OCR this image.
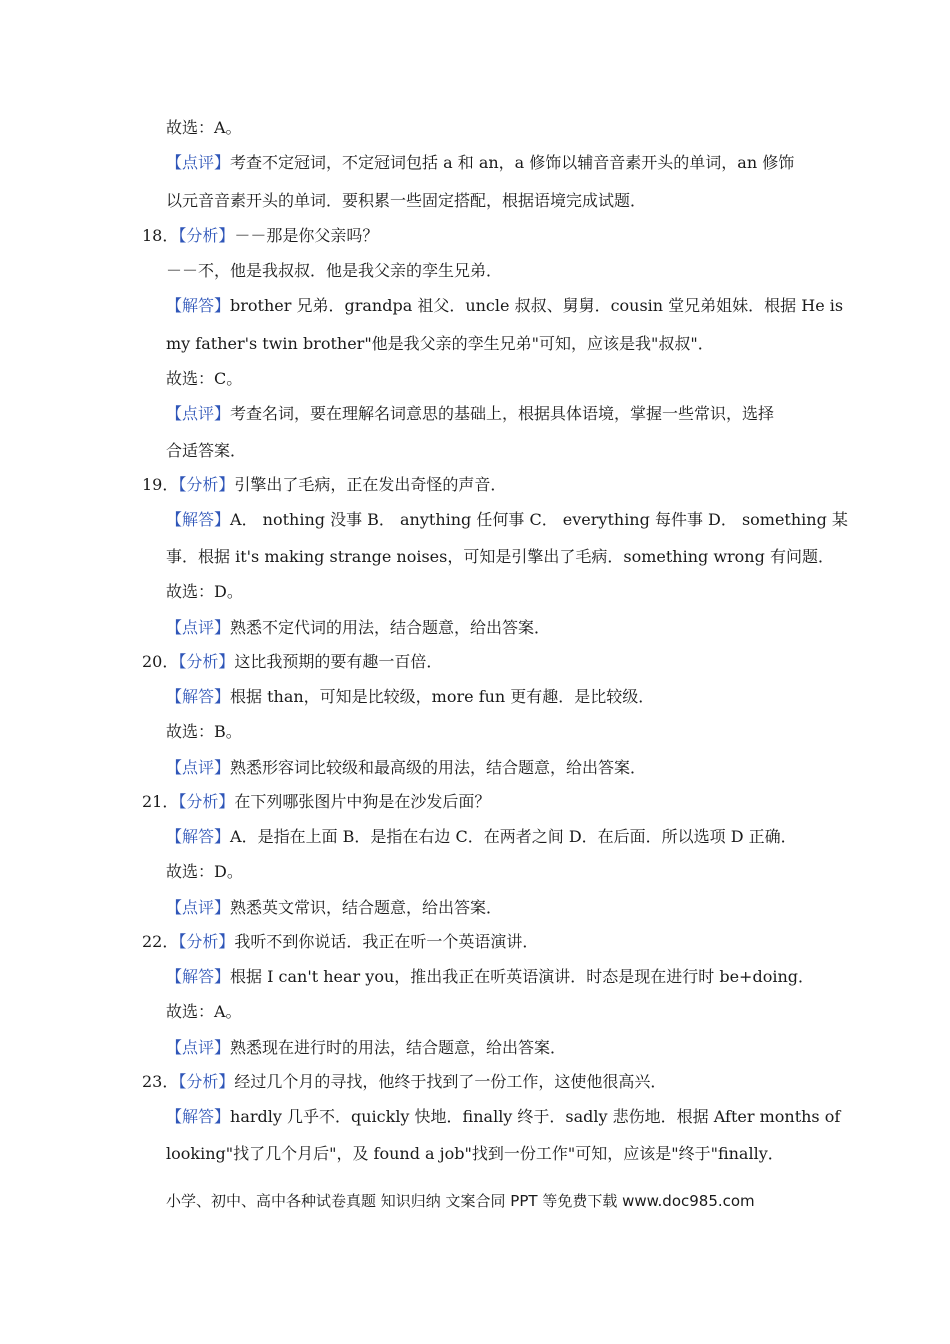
故选：A。
【点评】考查不定冠词，不定冠词包括 a 和 an，a 修饰以辅音音素开头的单词，an 修饰
以元音音素开头的单词．要积累一些固定搭配，根据语境完成试题．
18．【分析】－－那是你父亲吗？
－－不，他是我叔叔．他是我父亲的孪生兄弟．
【解答】brother 兄弟．grandpa 祖父．uncle 叔叔、舅舅．cousin 堂兄弟姐妹．根据 He is
my father's twin brother"他是我父亲的孪生兄弟"可知，应该是我"叔叔"．
故选：C。
【点评】考查名词，要在理解名词意思的基础上，根据具体语境，掌握一些常识，选择
合适答案．
19．【分析】引擎出了毛病，正在发出奇怪的声音．
【解答】A． nothing 没事 B． anything 任何事 C． everything 每件事 D． something 某
事．根据 it's making strange noises，可知是引擎出了毛病．something wrong 有问题．
故选：D。
【点评】熟悉不定代词的用法，结合题意，给出答案．
20．【分析】这比我预期的要有趣一百倍．
【解答】根据 than，可知是比较级，more fun 更有趣．是比较级．
故选：B。
【点评】熟悉形容词比较级和最高级的用法，结合题意，给出答案．
21．【分析】在下列哪张图片中狗是在沙发后面？
【解答】A．是指在上面 B．是指在右边 C．在两者之间 D．在后面．所以选项 D 正确．
故选：D。
【点评】熟悉英文常识，结合题意，给出答案．
22．【分析】我听不到你说话．我正在听一个英语演讲．
【解答】根据 I can't hear you，推出我正在听英语演讲．时态是现在进行时 be+doing．
故选：A。
【点评】熟悉现在进行时的用法，结合题意，给出答案．
23．【分析】经过几个月的寻找，他终于找到了一份工作，这使他很高兴．
【解答】hardly 几乎不．quickly 快地．finally 终于．sadly 悲伤地．根据 After months of
looking"找了几个月后"，及 found a job"找到一份工作"可知，应该是"终于"finally．
小学、初中、高中各种试卷真题 知识归纳 文案合同 PPT 等免费下载 www.doc985.com
